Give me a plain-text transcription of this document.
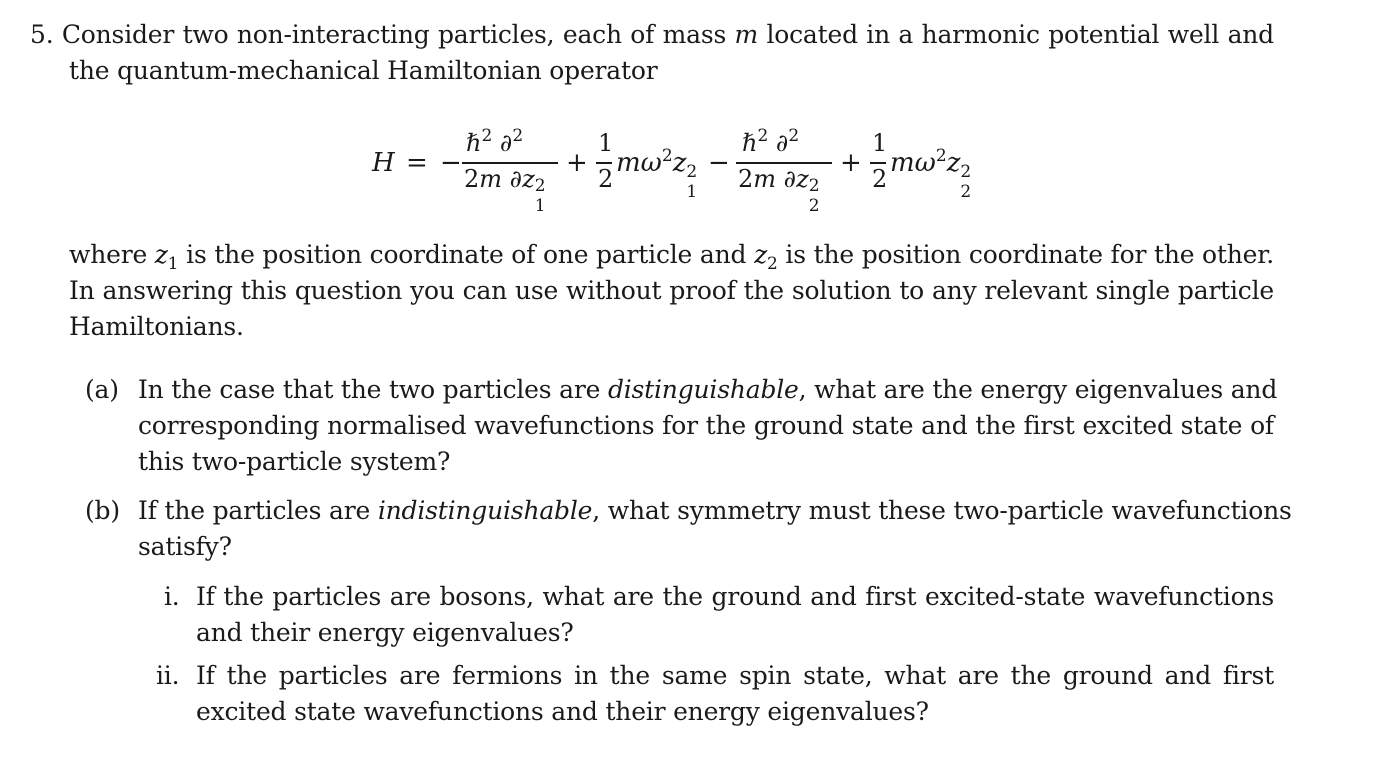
5. Consider two non-interacting particles, each of mass m located in a harmonic potential well and
the quantum-mechanical Hamiltonian operator
H = −
ℏ$^2$ ∂$^2$
2m ∂z 2
1
+
1
2
$m\omega^2z$ 2
1
−
ℏ$^2$ ∂$^2$
2m ∂z 2
2
+
1
2
$m\omega^2z$ 2
2
where $z_1$ is the position coordinate of one particle and $z_2$ is the position coordinate for the other.
In answering this question you can use without proof the solution to any relevant single particle
Hamiltonians.
(a) In the case that the two particles are distinguishable, what are the energy eigenvalues and
corresponding normalised wavefunctions for the ground state and the first excited state of
this two-particle system?
(b) If the particles are indistinguishable, what symmetry must these two-particle wavefunctions
satisfy?
i. If the particles are bosons, what are the ground and first excited-state wavefunctions
and their energy eigenvalues?
ii. If the particles are fermions in the same spin state, what are the ground and first
excited state wavefunctions and their energy eigenvalues?
